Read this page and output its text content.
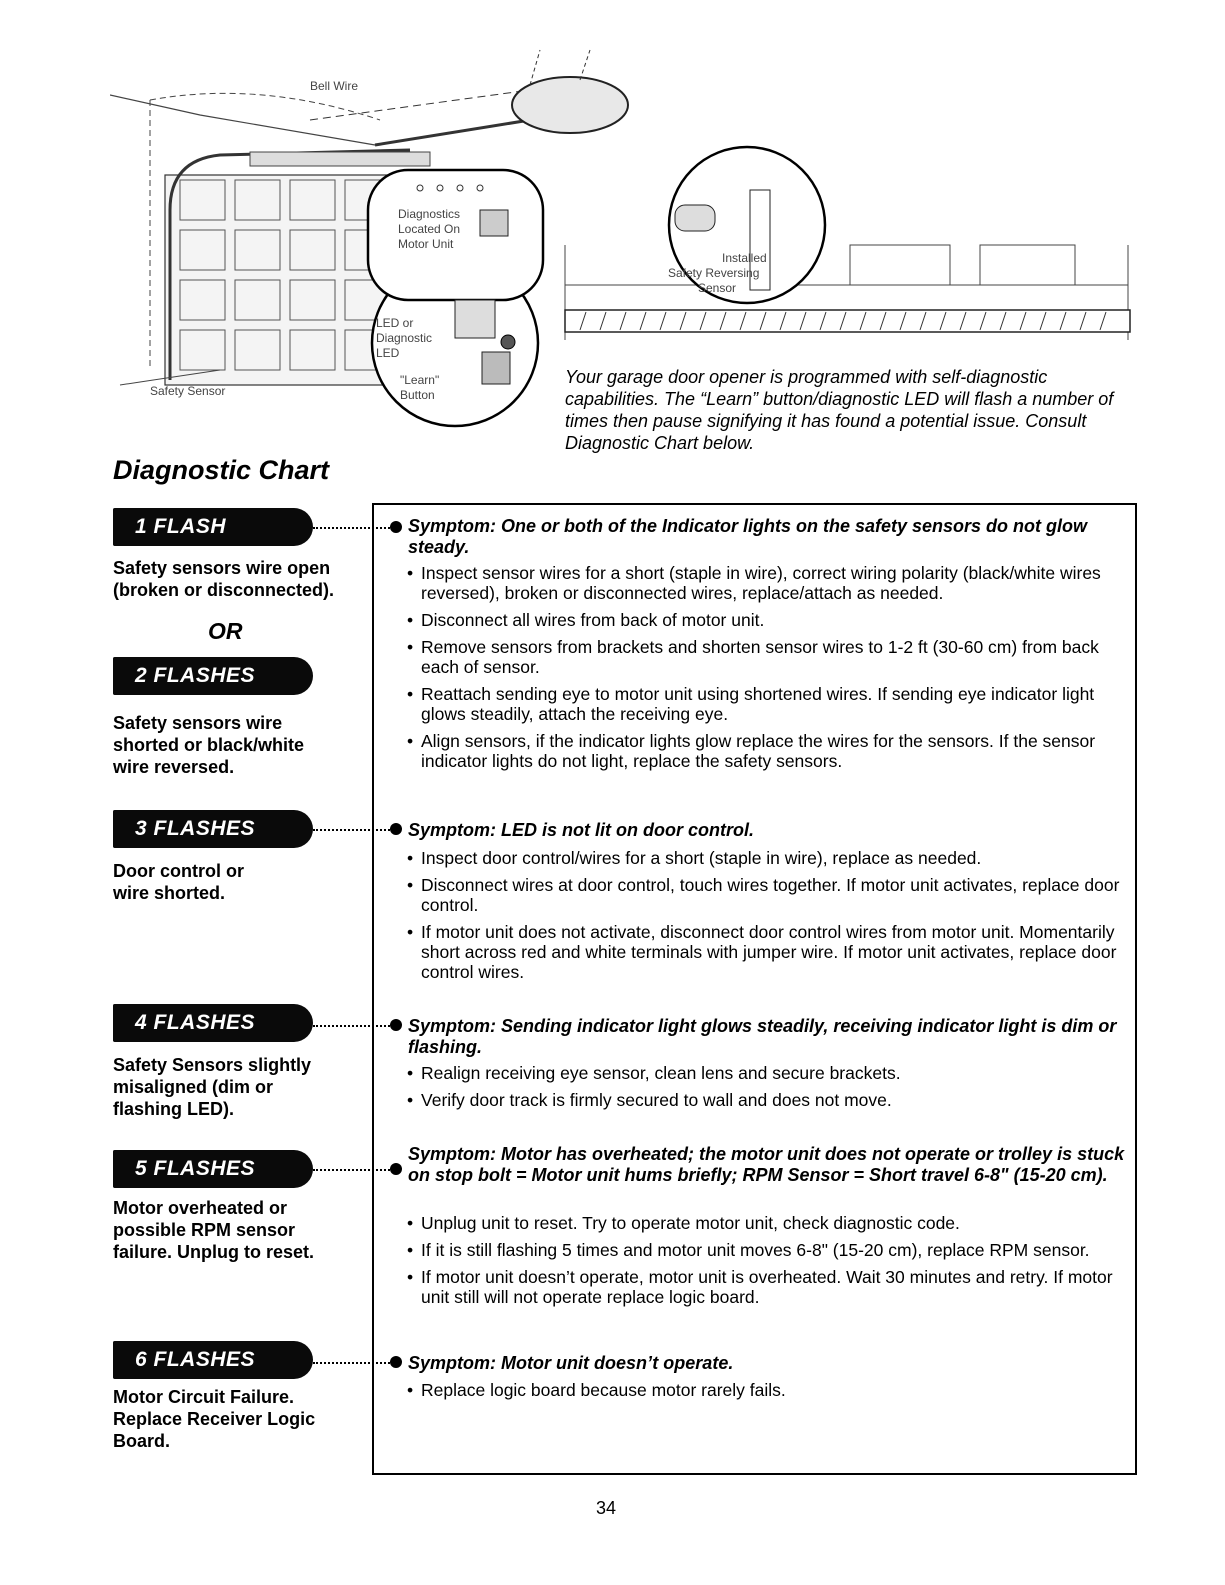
Bell Wire
Safety Sensor
Diagnostics
Located On
Motor Unit
LED or
Diagnostic
LED
"Learn"
Button
Installed
Safety Reversing
Sensor
Your garage door opener is programmed with self-diagnostic capabilities. The “Learn” button/diagnostic LED will flash a number of times then pause signifying it has found a potential issue. Consult Diagnostic Chart below.
Diagnostic Chart
1 FLASH
Safety sensors wire open (broken or disconnected).
OR
2 FLASHES
Safety sensors wire shorted or black/white wire reversed.
3 FLASHES
Door control or wire shorted.
4 FLASHES
Safety Sensors slightly misaligned (dim or flashing LED).
5 FLASHES
Motor overheated or possible RPM sensor failure. Unplug to reset.
6 FLASHES
Motor Circuit Failure. Replace Receiver Logic Board.
Symptom: One or both of the Indicator lights on the safety sensors do not glow steady.
• Inspect sensor wires for a short (staple in wire), correct wiring polarity (black/white wires reversed), broken or disconnected wires, replace/attach as needed.
• Disconnect all wires from back of motor unit.
• Remove sensors from brackets and shorten sensor wires to 1-2 ft (30-60 cm) from back each of sensor.
• Reattach sending eye to motor unit using shortened wires. If sending eye indicator light glows steadily, attach the receiving eye.
• Align sensors, if the indicator lights glow replace the wires for the sensors. If the sensor indicator lights do not light, replace the safety sensors.
Symptom: LED is not lit on door control.
• Inspect door control/wires for a short (staple in wire), replace as needed.
• Disconnect wires at door control, touch wires together. If motor unit activates, replace door control.
• If motor unit does not activate, disconnect door control wires from motor unit. Momentarily short across red and white terminals with jumper wire. If motor unit activates, replace door control wires.
Symptom: Sending indicator light glows steadily, receiving indicator light is dim or flashing.
• Realign receiving eye sensor, clean lens and secure brackets.
• Verify door track is firmly secured to wall and does not move.
Symptom: Motor has overheated; the motor unit does not operate or trolley is stuck on stop bolt = Motor unit hums briefly; RPM Sensor = Short travel 6-8" (15-20 cm).
• Unplug unit to reset. Try to operate motor unit, check diagnostic code.
• If it is still flashing 5 times and motor unit moves 6-8" (15-20 cm), replace RPM sensor.
• If motor unit doesn’t operate, motor unit is overheated. Wait 30 minutes and retry. If motor unit still will not operate replace logic board.
Symptom: Motor unit doesn’t operate.
• Replace logic board because motor rarely fails.
34
